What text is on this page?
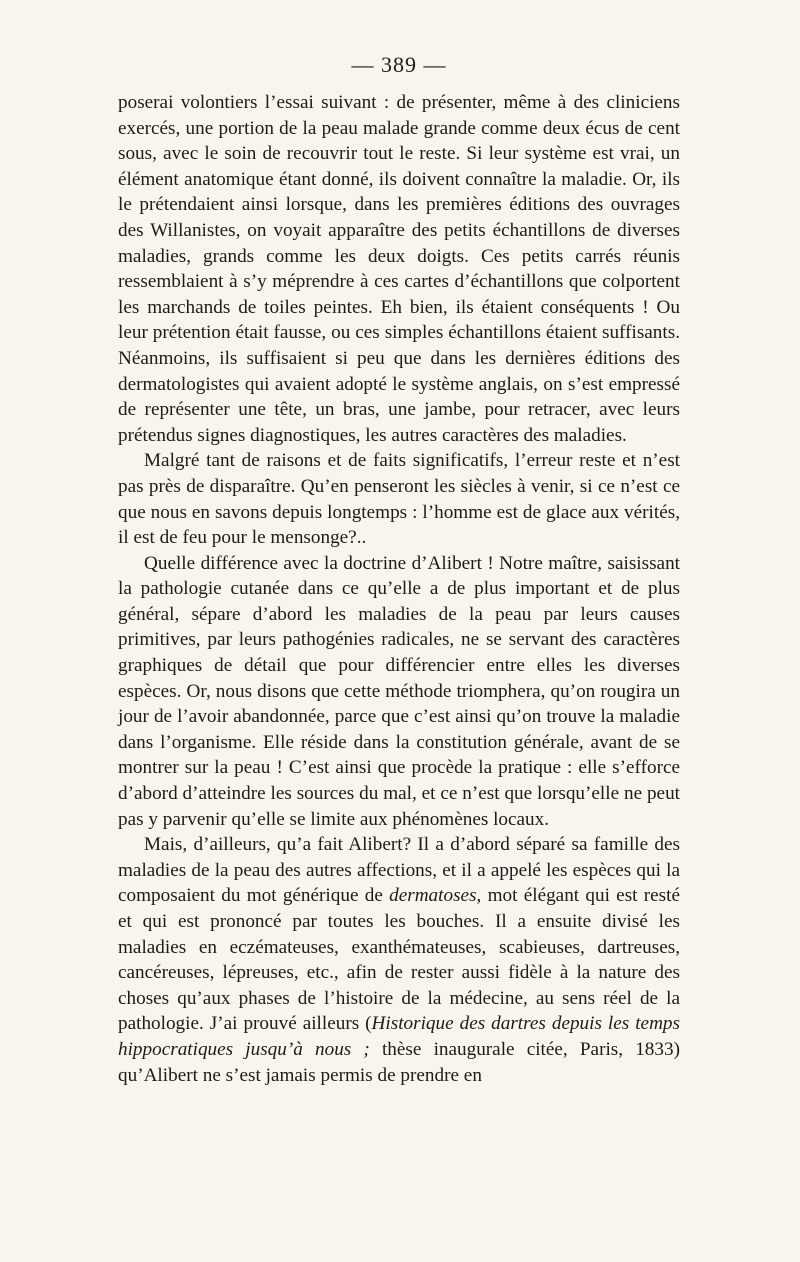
— 389 —

poserai volontiers l’essai suivant : de présenter, même à des cliniciens exercés, une portion de la peau malade grande comme deux écus de cent sous, avec le soin de recouvrir tout le reste. Si leur système est vrai, un élément anatomique étant donné, ils doivent connaître la maladie. Or, ils le prétendaient ainsi lorsque, dans les premières éditions des ouvrages des Willanistes, on voyait apparaître des petits échantillons de diverses maladies, grands comme les deux doigts. Ces petits carrés réunis ressemblaient à s’y méprendre à ces cartes d’échantillons que colportent les marchands de toiles peintes. Eh bien, ils étaient conséquents ! Ou leur prétention était fausse, ou ces simples échantillons étaient suffisants. Néanmoins, ils suffisaient si peu que dans les dernières éditions des dermatologistes qui avaient adopté le système anglais, on s’est empressé de représenter une tête, un bras, une jambe, pour retracer, avec leurs prétendus signes diagnostiques, les autres caractères des maladies.

Malgré tant de raisons et de faits significatifs, l’erreur reste et n’est pas près de disparaître. Qu’en penseront les siècles à venir, si ce n’est ce que nous en savons depuis longtemps : l’homme est de glace aux vérités, il est de feu pour le mensonge?..

Quelle différence avec la doctrine d’Alibert ! Notre maître, saisissant la pathologie cutanée dans ce qu’elle a de plus important et de plus général, sépare d’abord les maladies de la peau par leurs causes primitives, par leurs pathogénies radicales, ne se servant des caractères graphiques de détail que pour différencier entre elles les diverses espèces. Or, nous disons que cette méthode triomphera, qu’on rougira un jour de l’avoir abandonnée, parce que c’est ainsi qu’on trouve la maladie dans l’organisme. Elle réside dans la constitution générale, avant de se montrer sur la peau ! C’est ainsi que procède la pratique : elle s’efforce d’abord d’atteindre les sources du mal, et ce n’est que lorsqu’elle ne peut pas y parvenir qu’elle se limite aux phénomènes locaux.

Mais, d’ailleurs, qu’a fait Alibert? Il a d’abord séparé sa famille des maladies de la peau des autres affections, et il a appelé les espèces qui la composaient du mot générique de dermatoses, mot élégant qui est resté et qui est prononcé par toutes les bouches. Il a ensuite divisé les maladies en eczémateuses, exanthémateuses, scabieuses, dartreuses, cancéreuses, lépreuses, etc., afin de rester aussi fidèle à la nature des choses qu’aux phases de l’histoire de la médecine, au sens réel de la pathologie. J’ai prouvé ailleurs (Historique des dartres depuis les temps hippocratiques jusqu’à nous ; thèse inaugurale citée, Paris, 1833) qu’Alibert ne s’est jamais permis de prendre en
